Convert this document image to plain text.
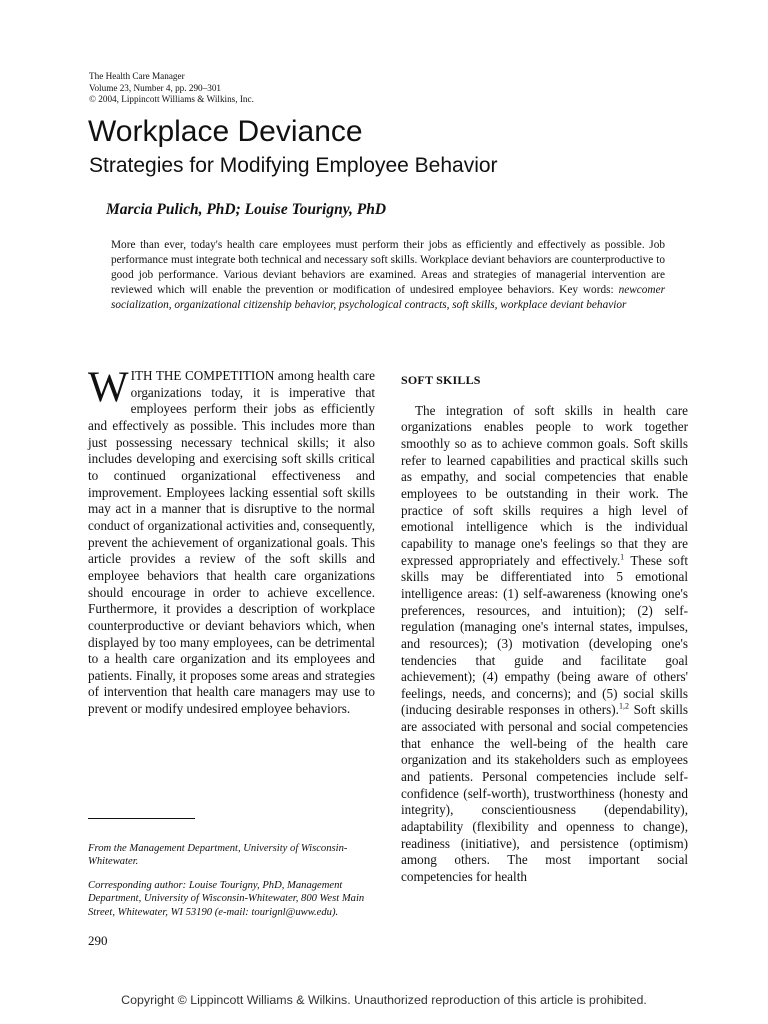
The Health Care Manager
Volume 23, Number 4, pp. 290–301
© 2004, Lippincott Williams & Wilkins, Inc.
Workplace Deviance
Strategies for Modifying Employee Behavior
Marcia Pulich, PhD; Louise Tourigny, PhD
More than ever, today's health care employees must perform their jobs as efficiently and effectively as possible. Job performance must integrate both technical and necessary soft skills. Workplace deviant behaviors are counterproductive to good job performance. Various deviant behaviors are examined. Areas and strategies of managerial intervention are reviewed which will enable the prevention or modification of undesired employee behaviors. Key words: newcomer socialization, organizational citizenship behavior, psychological contracts, soft skills, workplace deviant behavior
WITH THE COMPETITION among health care organizations today, it is imperative that employees perform their jobs as efficiently and effectively as possible. This includes more than just possessing necessary technical skills; it also includes developing and exercising soft skills critical to continued organizational effectiveness and improvement. Employees lacking essential soft skills may act in a manner that is disruptive to the normal conduct of organizational activities and, consequently, prevent the achievement of organizational goals. This article provides a review of the soft skills and employee behaviors that health care organizations should encourage in order to achieve excellence. Furthermore, it provides a description of workplace counterproductive or deviant behaviors which, when displayed by too many employees, can be detrimental to a health care organization and its employees and patients. Finally, it proposes some areas and strategies of intervention that health care managers may use to prevent or modify undesired employee behaviors.
SOFT SKILLS

The integration of soft skills in health care organizations enables people to work together smoothly so as to achieve common goals. Soft skills refer to learned capabilities and practical skills such as empathy, and social competencies that enable employees to be outstanding in their work. The practice of soft skills requires a high level of emotional intelligence which is the individual capability to manage one's feelings so that they are expressed appropriately and effectively.$^1$ These soft skills may be differentiated into 5 emotional intelligence areas: (1) self-awareness (knowing one's preferences, resources, and intuition); (2) self-regulation (managing one's internal states, impulses, and resources); (3) motivation (developing one's tendencies that guide and facilitate goal achievement); (4) empathy (being aware of others' feelings, needs, and concerns); and (5) social skills (inducing desirable responses in others).$^{1,2}$ Soft skills are associated with personal and social competencies that enhance the well-being of the health care organization and its stakeholders such as employees and patients. Personal competencies include self-confidence (self-worth), trustworthiness (honesty and integrity), conscientiousness (dependability), adaptability (flexibility and openness to change), readiness (initiative), and persistence (optimism) among others. The most important social competencies for health

From the Management Department, University of Wisconsin-Whitewater.
Corresponding author: Louise Tourigny, PhD, Management Department, University of Wisconsin-Whitewater, 800 West Main Street, Whitewater, WI 53190 (e-mail: tourignl@uww.edu).
290
Copyright © Lippincott Williams & Wilkins. Unauthorized reproduction of this article is prohibited.
